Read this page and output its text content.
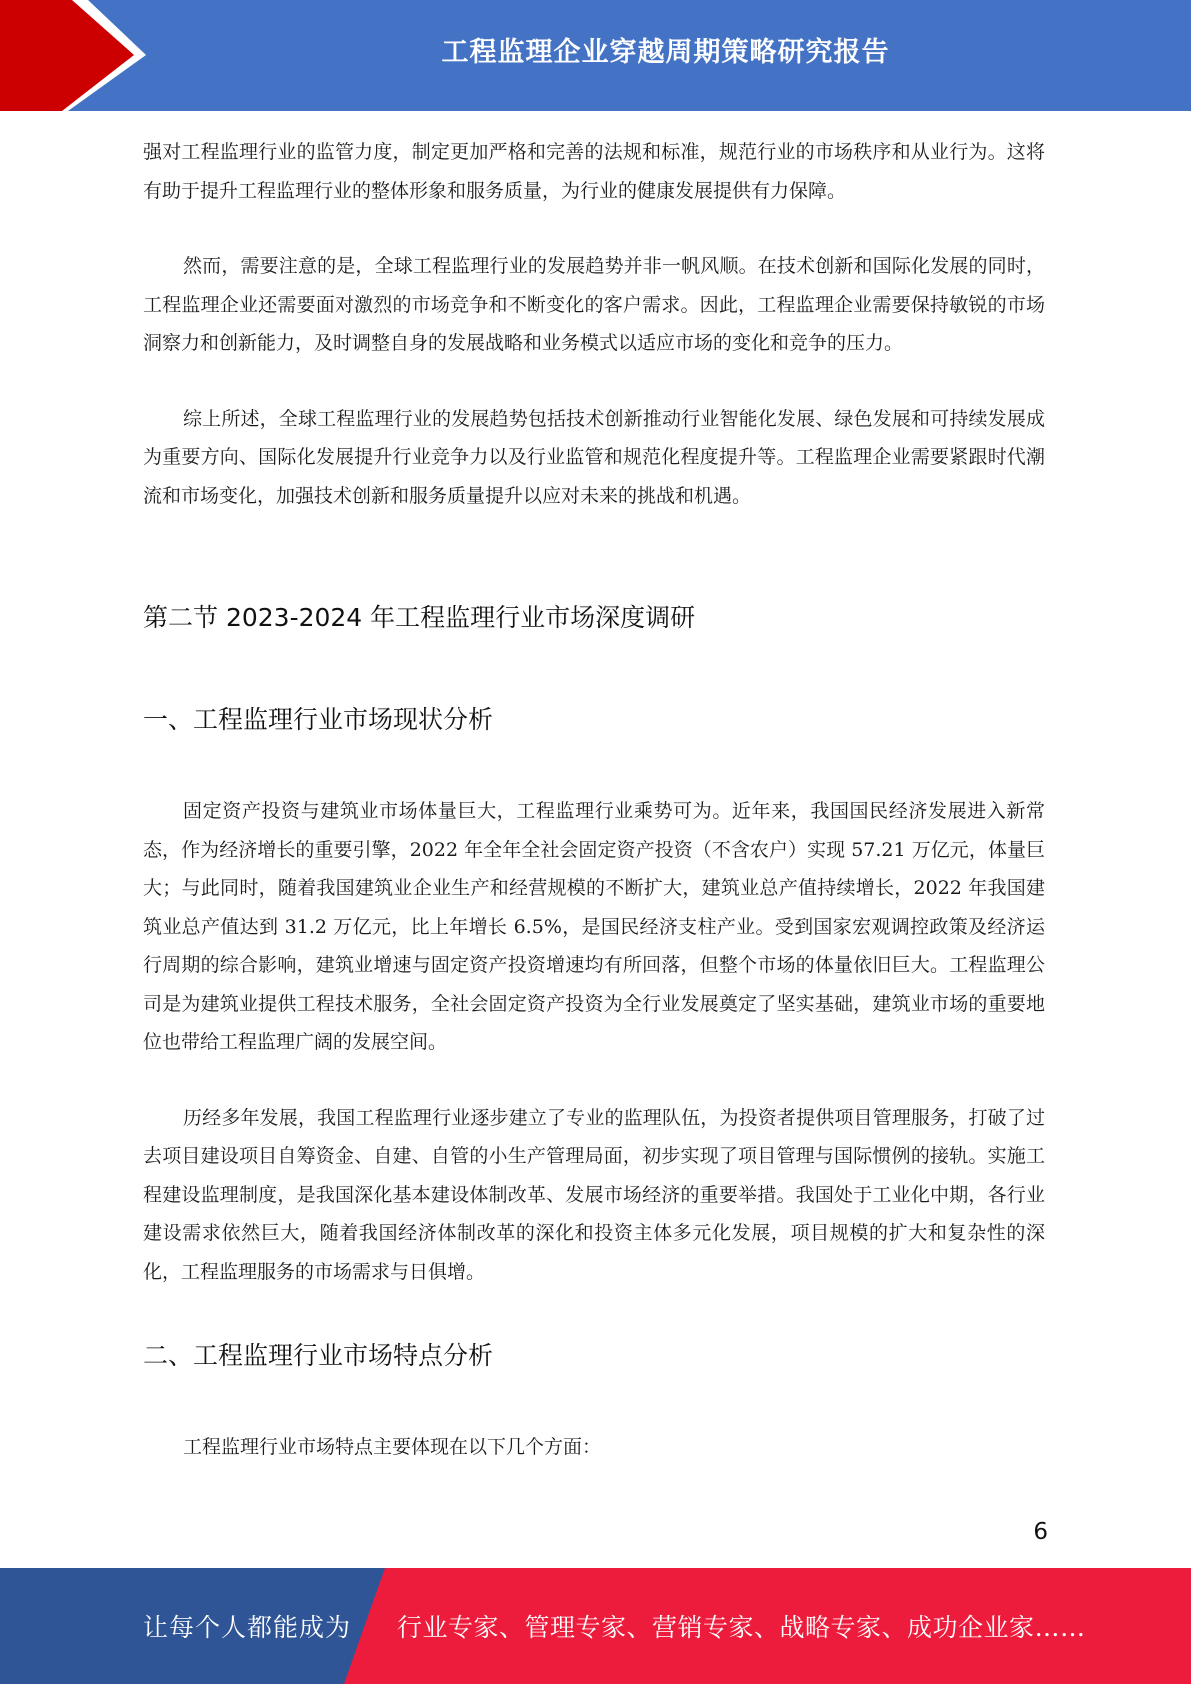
工程监理企业穿越周期策略研究报告

强对工程监理行业的监管力度，制定更加严格和完善的法规和标准，规范行业的市场秩序和从业行为。这将有助于提升工程监理行业的整体形象和服务质量，为行业的健康发展提供有力保障。

然而，需要注意的是，全球工程监理行业的发展趋势并非一帆风顺。在技术创新和国际化发展的同时，工程监理企业还需要面对激烈的市场竞争和不断变化的客户需求。因此，工程监理企业需要保持敏锐的市场洞察力和创新能力，及时调整自身的发展战略和业务模式以适应市场的变化和竞争的压力。

综上所述，全球工程监理行业的发展趋势包括技术创新推动行业智能化发展、绿色发展和可持续发展成为重要方向、国际化发展提升行业竞争力以及行业监管和规范化程度提升等。工程监理企业需要紧跟时代潮流和市场变化，加强技术创新和服务质量提升以应对未来的挑战和机遇。

第二节 2023-2024 年工程监理行业市场深度调研
一、工程监理行业市场现状分析

固定资产投资与建筑业市场体量巨大，工程监理行业乘势可为。近年来，我国国民经济发展进入新常态，作为经济增长的重要引擎，2022 年全年全社会固定资产投资（不含农户）实现 57.21 万亿元，体量巨大；与此同时，随着我国建筑业企业生产和经营规模的不断扩大，建筑业总产值持续增长，2022 年我国建筑业总产值达到 31.2 万亿元，比上年增长 6.5%，是国民经济支柱产业。受到国家宏观调控政策及经济运行周期的综合影响，建筑业增速与固定资产投资增速均有所回落，但整个市场的体量依旧巨大。工程监理公司是为建筑业提供工程技术服务，全社会固定资产投资为全行业发展奠定了坚实基础，建筑业市场的重要地位也带给工程监理广阔的发展空间。

历经多年发展，我国工程监理行业逐步建立了专业的监理队伍，为投资者提供项目管理服务，打破了过去项目建设项目自筹资金、自建、自管的小生产管理局面，初步实现了项目管理与国际惯例的接轨。实施工程建设监理制度，是我国深化基本建设体制改革、发展市场经济的重要举措。我国处于工业化中期，各行业建设需求依然巨大，随着我国经济体制改革的深化和投资主体多元化发展，项目规模的扩大和复杂性的深化，工程监理服务的市场需求与日俱增。

二、工程监理行业市场特点分析

工程监理行业市场特点主要体现在以下几个方面：

6
让每个人都能成为 行业专家、管理专家、营销专家、战略专家、成功企业家……
